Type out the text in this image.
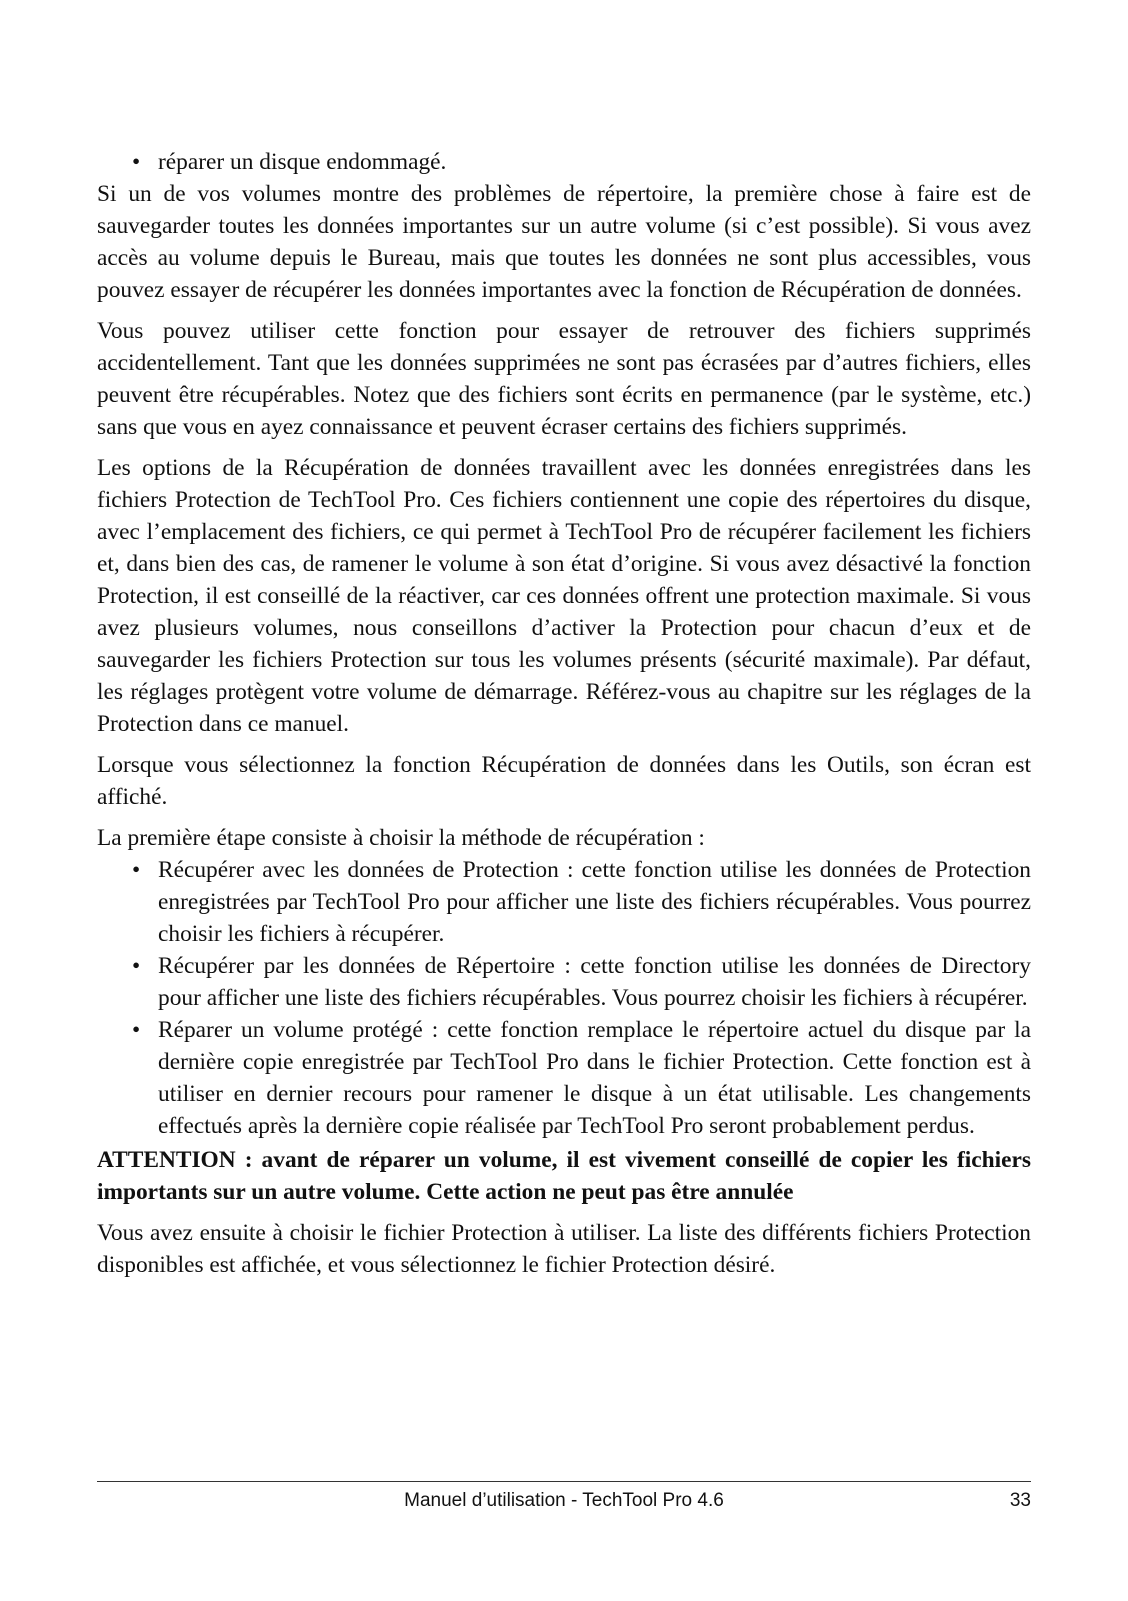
• réparer un disque endommagé.

Si un de vos volumes montre des problèmes de répertoire, la première chose à faire est de sauvegarder toutes les données importantes sur un autre volume (si c’est possible). Si vous avez accès au volume depuis le Bureau, mais que toutes les données ne sont plus accessibles, vous pouvez essayer de récupérer les données importantes avec la fonction de Récupération de données.

Vous pouvez utiliser cette fonction pour essayer de retrouver des fichiers supprimés accidentellement. Tant que les données supprimées ne sont pas écrasées par d’autres fichiers, elles peuvent être récupérables. Notez que des fichiers sont écrits en permanence (par le système, etc.) sans que vous en ayez connaissance et peuvent écraser certains des fichiers supprimés.

Les options de la Récupération de données travaillent avec les données enregistrées dans les fichiers Protection de TechTool Pro. Ces fichiers contiennent une copie des répertoires du disque, avec l’emplacement des fichiers, ce qui permet à TechTool Pro de récupérer facilement les fichiers et, dans bien des cas, de ramener le volume à son état d’origine. Si vous avez désactivé la fonction Protection, il est conseillé de la réactiver, car ces données offrent une protection maximale. Si vous avez plusieurs volumes, nous conseillons d’activer la Protection pour chacun d’eux et de sauvegarder les fichiers Protection sur tous les volumes présents (sécurité maximale). Par défaut, les réglages protègent votre volume de démarrage. Référez-vous au chapitre sur les réglages de la Protection dans ce manuel.

Lorsque vous sélectionnez la fonction Récupération de données dans les Outils, son écran est affiché.

La première étape consiste à choisir la méthode de récupération :

• Récupérer avec les données de Protection : cette fonction utilise les données de Protection enregistrées par TechTool Pro pour afficher une liste des fichiers récupérables. Vous pourrez choisir les fichiers à récupérer.
• Récupérer par les données de Répertoire : cette fonction utilise les données de Directory pour afficher une liste des fichiers récupérables. Vous pourrez choisir les fichiers à récupérer.
• Réparer un volume protégé : cette fonction remplace le répertoire actuel du disque par la dernière copie enregistrée par TechTool Pro dans le fichier Protection. Cette fonction est à utiliser en dernier recours pour ramener le disque à un état utilisable. Les changements effectués après la dernière copie réalisée par TechTool Pro seront probablement perdus.

ATTENTION : avant de réparer un volume, il est vivement conseillé de copier les fichiers importants sur un autre volume. Cette action ne peut pas être annulée

Vous avez ensuite à choisir le fichier Protection à utiliser. La liste des différents fichiers Protection disponibles est affichée, et vous sélectionnez le fichier Protection désiré.

Manuel d’utilisation - TechTool Pro 4.6	33
